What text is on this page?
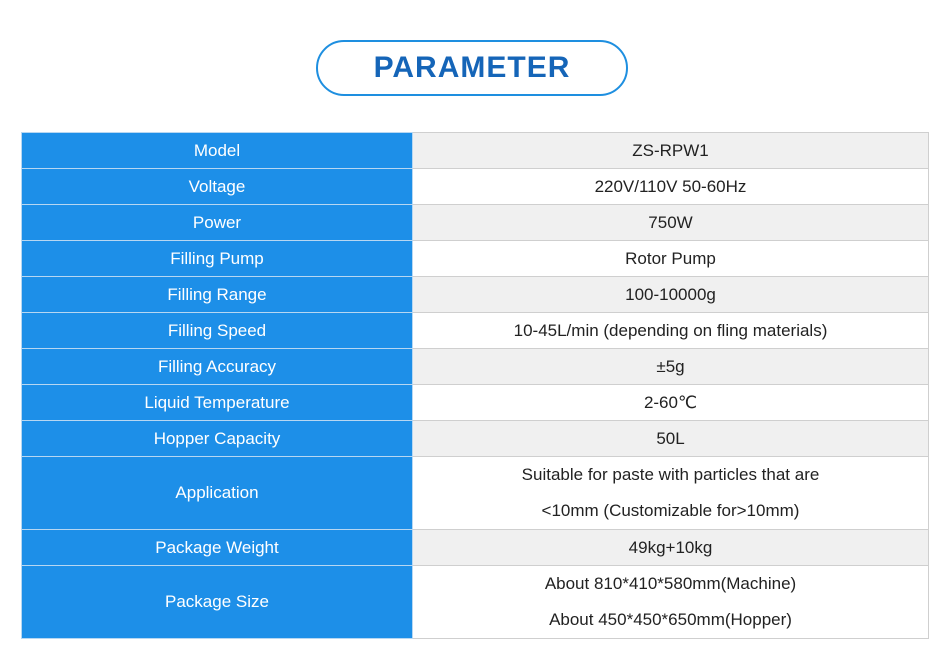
PARAMETER
Model	ZS-RPW1
Voltage	220V/110V 50-60Hz
Power	750W
Filling Pump	Rotor Pump
Filling Range	100-10000g
Filling Speed	10-45L/min (depending on fling materials)
Filling Accuracy	±5g
Liquid Temperature	2-60℃
Hopper Capacity	50L
Application	Suitable for paste with particles that are
<10mm (Customizable for>10mm)

Package Weight	49kg+10kg
Package Size	About 810*410*580mm(Machine)
About 450*450*650mm(Hopper)
